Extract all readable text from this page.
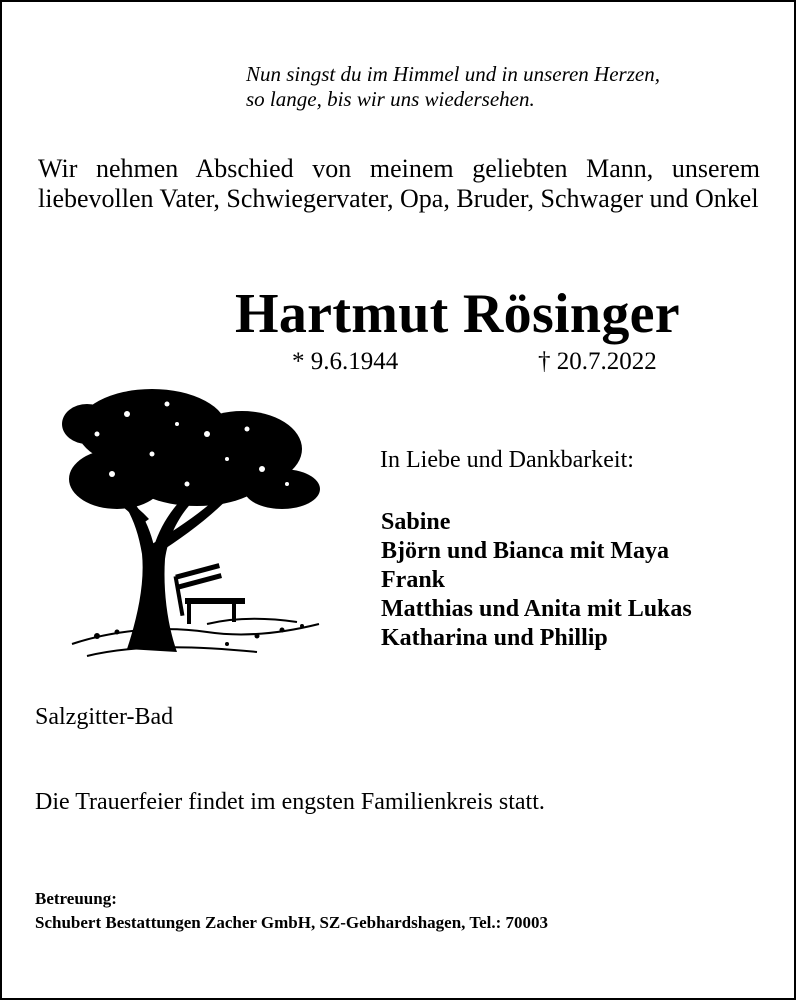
Nun singst du im Himmel und in unseren Herzen,
so lange, bis wir uns wiedersehen.
Wir nehmen Abschied von meinem geliebten Mann, unserem liebevollen Vater, Schwiegervater, Opa, Bruder, Schwager und Onkel
Hartmut Rösinger
* 9.6.1944	† 20.7.2022
In Liebe und Dankbarkeit:
Sabine
Björn und Bianca mit Maya
Frank
Matthias und Anita mit Lukas
Katharina und Phillip
Salzgitter-Bad
Die Trauerfeier findet im engsten Familienkreis statt.
Betreuung:
Schubert Bestattungen Zacher GmbH, SZ-Gebhardshagen, Tel.: 70003
